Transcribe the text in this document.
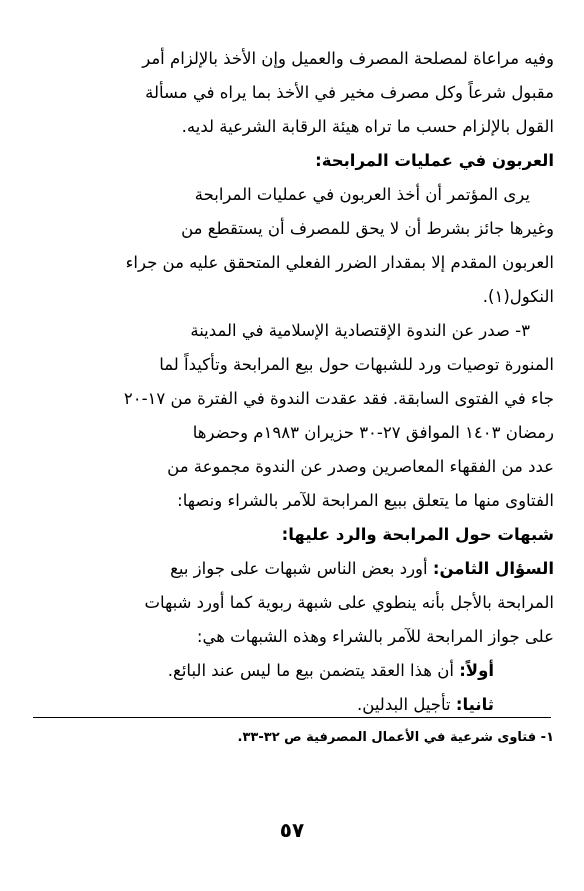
وفيه مراعاة لمصلحة المصرف والعميل وإن الأخذ بالإلزام أمر
مقبول شرعاً وكل مصرف مخير في الأخذ بما يراه في مسألة
القول بالإلزام حسب ما تراه هيئة الرقابة الشرعية لديه.
العربون في عمليات المرابحة:
يرى المؤتمر أن أخذ العربون في عمليات المرابحة
وغيرها جائز بشرط أن لا يحق للمصرف أن يستقطع من
العربون المقدم إلا بمقدار الضرر الفعلي المتحقق عليه من جراء
النكول(١).
٣- صدر عن الندوة الإقتصادية الإسلامية في المدينة
المنورة توصيات ورد للشبهات حول بيع المرابحة وتأكيداً لما
جاء في الفتوى السابقة. فقد عقدت الندوة في الفترة من ١٧-٢٠
رمضان ١٤٠٣ الموافق ٢٧-٣٠ حزيران ١٩٨٣م وحضرها
عدد من الفقهاء المعاصرين وصدر عن الندوة مجموعة من
الفتاوى منها ما يتعلق ببيع المرابحة للآمر بالشراء ونصها:
شبهات حول المرابحة والرد عليها:
السؤال الثامن: أورد بعض الناس شبهات على جواز بيع
المرابحة بالأجل بأنه ينطوي على شبهة ربوية كما أورد شبهات
على جواز المرابحة للآمر بالشراء وهذه الشبهات هي:
أولاً: أن هذا العقد يتضمن بيع ما ليس عند البائع.
ثانيا: تأجيل البدلين.
١- فتاوى شرعية في الأعمال المصرفية ص ٣٢-٣٣.
٥٧
